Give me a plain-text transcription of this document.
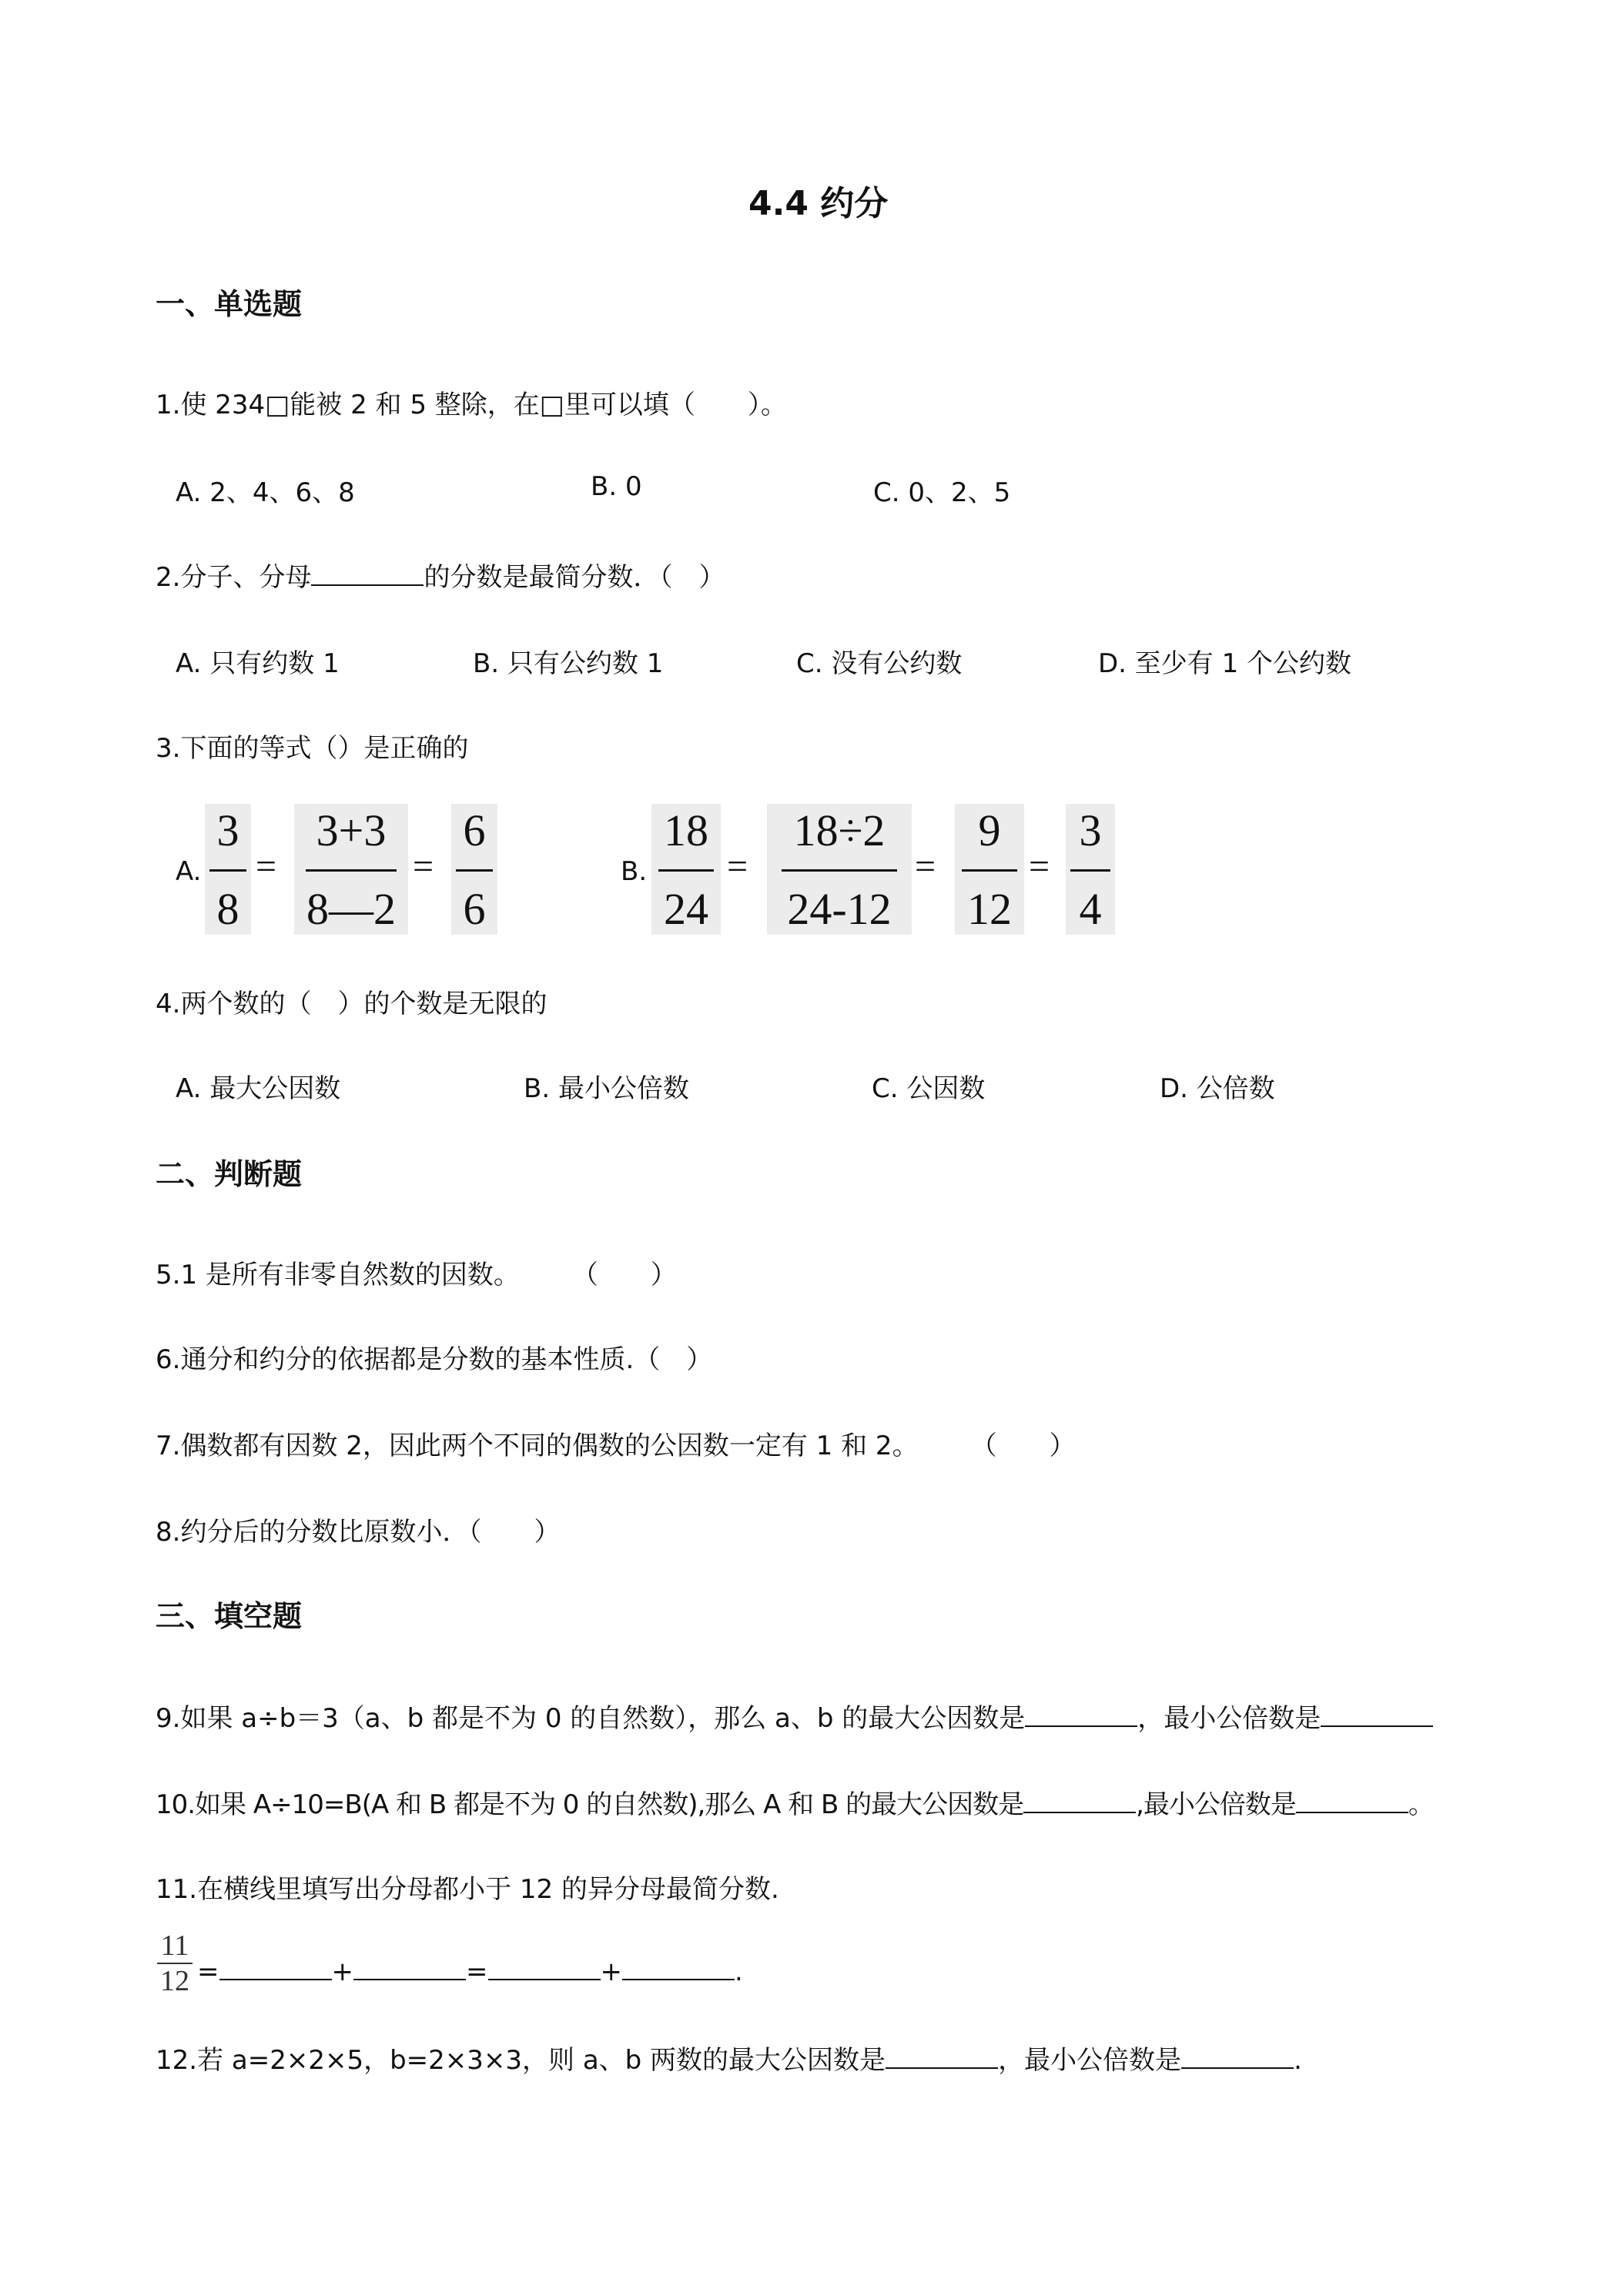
4.4 约分
一、单选题
1.使 234□能被 2 和 5 整除，在□里可以填（　　）。
A. 2、4、6、8	B. 0	C. 0、2、5
2.分子、分母	的分数是最简分数．（　）
A. 只有约数 1	B. 只有公约数 1	C. 没有公约数	D. 至少有 1 个公约数
3.下面的等式（）是正确的
A.
3
8
=
3+3
8—2
=
6
6
B.
18
24
=
18÷2
24-12
=
9
12
=
3
4
4.两个数的（　）的个数是无限的
A. 最大公因数	B. 最小公倍数	C. 公因数	D. 公倍数
二、判断题
5.1 是所有非零自然数的因数。　　　（　　）
6.通分和约分的依据都是分数的基本性质.（　）
7.偶数都有因数 2，因此两个不同的偶数的公因数一定有 1 和 2。　　　（　　）
8.约分后的分数比原数小．（　　）
三、填空题
9.如果 a÷b＝3（a、b 都是不为 0 的自然数），那么 a、b 的最大公因数是	，最小公倍数是
10.如果 A÷10=B(A 和 B 都是不为 0 的自然数),那么 A 和 B 的最大公因数是	,最小公倍数是	。
11.在横线里填写出分母都小于 12 的异分母最简分数.
11
12 =	+	=	+	.
12.若 a=2×2×5，b=2×3×3，则 a、b 两数的最大公因数是	，最小公倍数是	.
